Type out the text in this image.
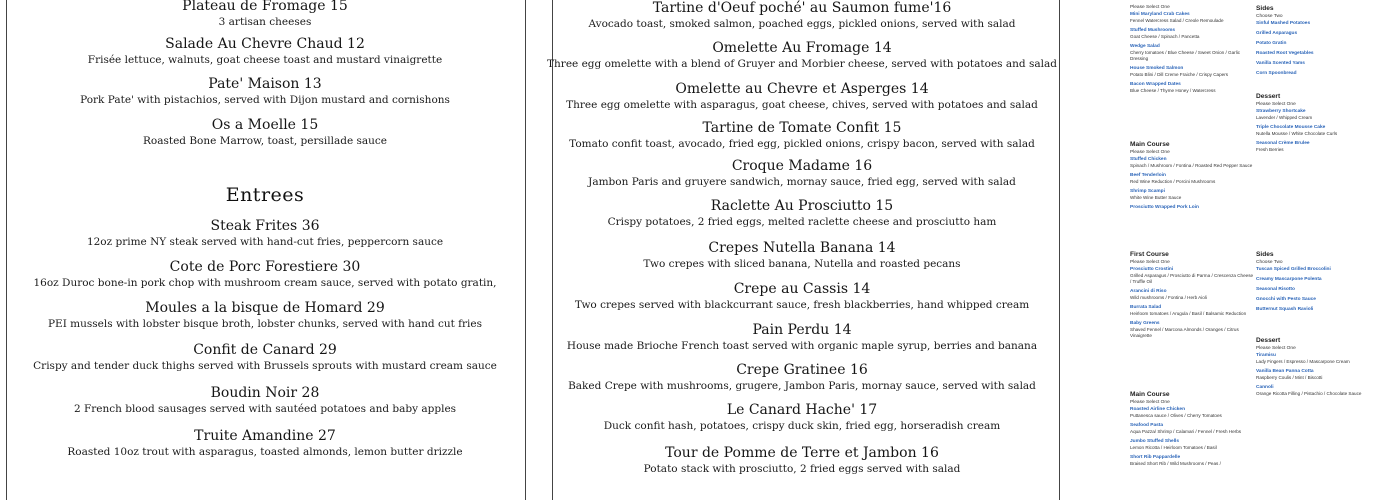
Plateau de Fromage 15
3 artisan cheeses
Salade Au Chevre Chaud 12
Frisée lettuce, walnuts, goat cheese toast and mustard vinaigrette
Pate' Maison 13
Pork Pate' with pistachios, served with Dijon mustard and cornishons
Os a Moelle 15
Roasted Bone Marrow, toast, persillade sauce
Entrees
Steak Frites 36
12oz prime NY steak served with hand-cut fries, peppercorn sauce
Cote de Porc Forestiere 30
16oz Duroc bone-in pork chop with mushroom cream sauce, served with potato gratin,
Moules a la bisque de Homard 29
PEI mussels with lobster bisque broth, lobster chunks, served with hand cut fries
Confit de Canard 29
Crispy and tender duck thighs served with Brussels sprouts with mustard cream sauce
Boudin Noir 28
2 French blood sausages served with sautéed potatoes and baby apples
Truite Amandine 27
Roasted 10oz trout with asparagus, toasted almonds, lemon butter drizzle
Tartine d'Oeuf poché' au Saumon fume'16
Avocado toast, smoked salmon, poached eggs, pickled onions, served with salad
Omelette Au Fromage 14
Three egg omelette with a blend of Gruyer and Morbier cheese, served with potatoes and salad
Omelette au Chevre et Asperges 14
Three egg omelette with asparagus, goat cheese, chives, served with potatoes and salad
Tartine de Tomate Confit 15
Tomato confit toast, avocado, fried egg, pickled onions, crispy bacon, served with salad
Croque Madame 16
Jambon Paris and gruyere sandwich, mornay sauce, fried egg, served with salad
Raclette Au Prosciutto 15
Crispy potatoes, 2 fried eggs, melted raclette cheese and prosciutto ham
Crepes Nutella Banana 14
Two crepes with sliced banana, Nutella and roasted pecans
Crepe au Cassis 14
Two crepes served with blackcurrant sauce, fresh blackberries, hand whipped cream
Pain Perdu 14
House made Brioche French toast served with organic maple syrup, berries and banana
Crepe Gratinee 16
Baked Crepe with mushrooms, grugere, Jambon Paris, mornay sauce, served with salad
Le Canard Hache' 17
Duck confit hash, potatoes, crispy duck skin, fried egg, horseradish cream
Tour de Pomme de Terre et Jambon 16
Potato stack with prosciutto, 2 fried eggs served with salad
Please Select One
Mini Maryland Crab Cakes
Fennel Watercress Salad / Creole Remoulade
Stuffed Mushrooms
Goat Cheese / Spinach / Pancetta
Wedge Salad
Cherry tomatoes / Blue Cheese / Sweet Onion / Garlic Dressing
House Smoked Salmon
Potato Blini / Dill Creme Fraiche / Crispy Capers
Bacon Wrapped Dates
Blue Cheese / Thyme Honey / Watercress
Main Course
Please Select One
Stuffed Chicken
Spinach / Mushroom / Fontina / Roasted Red Pepper Sauce
Beef Tenderloin
Red Wine Reduction / Porcini Mushrooms
Shrimp Scampi
White Wine Butter Sauce
Prosciutto Wrapped Pork Loin
First Course
Please Select One
Prosciutto Crostini
Grilled Asparagus / Prosciutto di Parma / Crescenza Cheese / Truffle Oil
Arancini di Riso
Wild mushrooms / Fontina / Herb Aioli
Burrata Salad
Heirloom tomatoes / Arugula / Basil / Balsamic Reduction
Baby Greens
Shaved Fennel / Marcona Almonds / Oranges / Citrus Vinaigrette
Main Course
Please Select One
Roasted Airline Chicken
Puttanesca sauce / Olives / Cherry Tomatoes
Seafood Pasta
Aqua Pazza/ Shrimp / Calamari / Fennel / Fresh Herbs
Jumbo Stuffed Shells
Lemon Ricotta / Heirloom Tomatoes / Basil
Short Rib Pappardelle
Braised Short Rib / Wild Mushrooms / Peas /
Sides
Choose Two
Sinful Mashed Potatoes
Grilled Asparagus
Potato Gratin
Roasted Root Vegetables
Vanilla Scented Yams
Corn Spoonbread
Dessert
Please Select One
Strawberry Shortcake
Lavender / Whipped Cream
Triple Chocolate Mousse Cake
Nutella Mousse / White Chocolate Curls
Seasonal Crème Brulee
Fresh Berries
Sides
Choose Two
Tuscan Spiced Grilled Broccolini
Creamy Mascarpone Polenta
Seasonal Risotto
Gnocchi with Pesto Sauce
Butternut Squash Ravioli
Dessert
Please Select One
Tiramisu
Lady Fingers / Espresso / Mascarpone Cream
Vanilla Bean Panna Cotta
Raspberry Coulis / Mint / Biscotti
Cannoli
Orange Ricotta Filling / Pistachio / Chocolate Sauce
